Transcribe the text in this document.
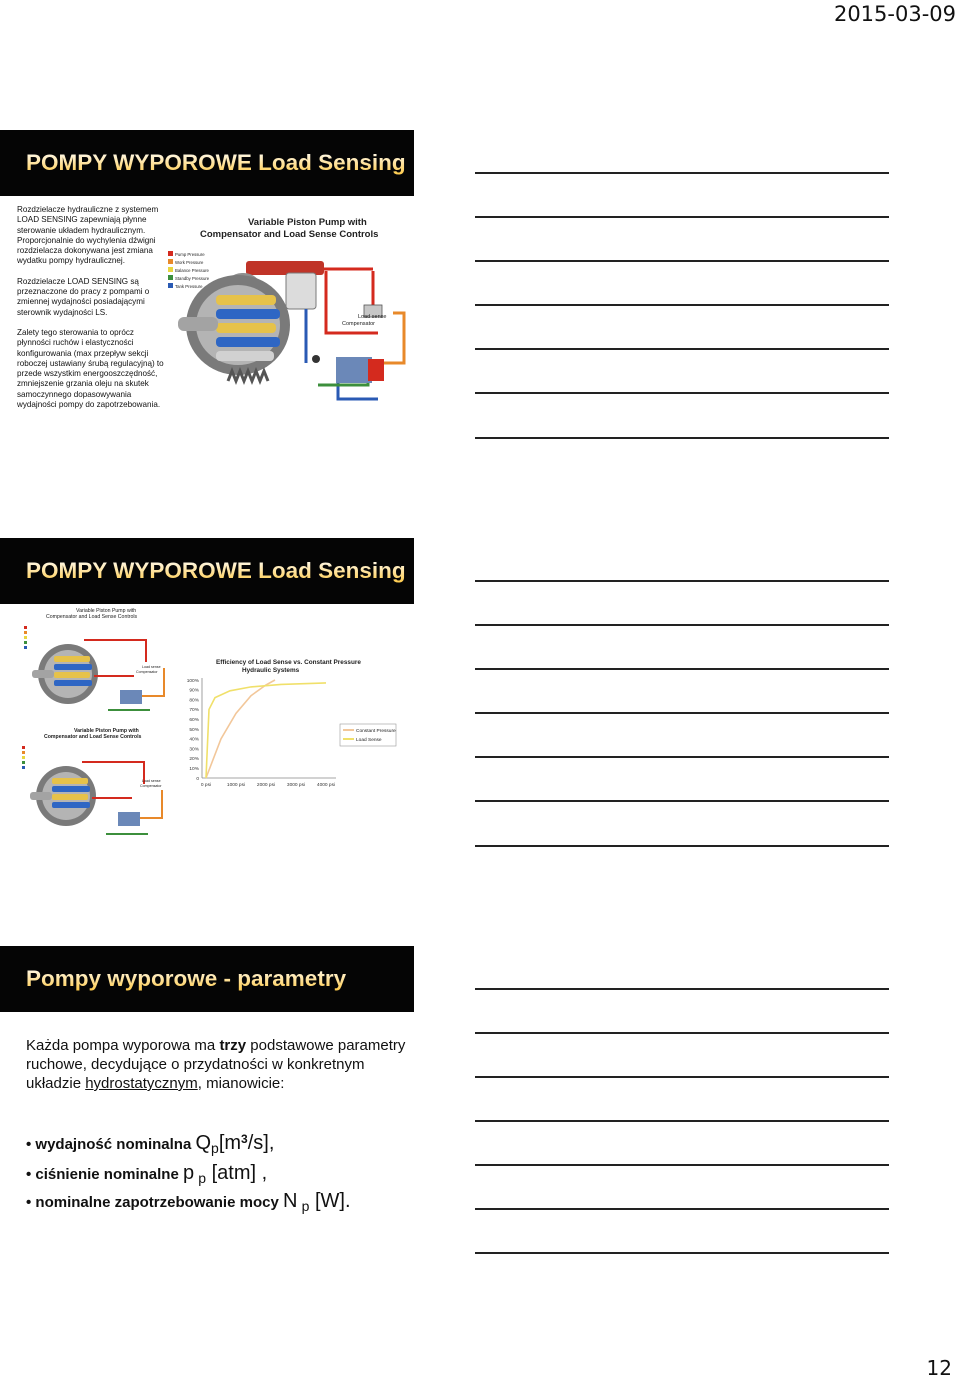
2015-03-09
POMPY WYPOROWE Load Sensing

Rozdzielacze hydrauliczne z systemem LOAD SENSING zapewniają płynne sterowanie układem hydraulicznym. Proporcjonalnie do wychylenia dźwigni rozdzielacza dokonywana jest zmiana wydatku pompy hydraulicznej.

Rozdzielacze LOAD SENSING są przeznaczone do pracy z pompami o zmiennej wydajności posiadającymi sterownik wydajności LS.

Zalety tego sterowania to oprócz płynności ruchów i elastyczności konfigurowania (max przepływ sekcji roboczej ustawiany śrubą regulacyjną) to przede wszystkim energooszczędność, zmniejszenie grzania oleju na skutek samoczynnego dopasowywania wydajności pompy do zapotrzebowania.

Variable Piston Pump with
Compensator and Load Sense Controls
Pump Pressure
Work Pressure
Balance Pressure
Standby Pressure
Tank Pressure
Load sense
Compensator
POMPY WYPOROWE Load Sensing
Variable Piston Pump with
Compensator and Load Sense Controls
Load sense
Compensator
Variable Piston Pump with
Compensator and Load Sense Controls
Load sense
Compensator
Efficiency of Load Sense vs. Constant Pressure
Hydraulic Systems
0
10%
20%
30%
40%
50%
60%
70%
80%
90%
100%
0 psi	1000 psi 2000 psi 3000 psi 4000 psi
Constant Pressure
Load Sense
Pompy wyporowe - parametry
Każda pompa wyporowa ma trzy podstawowe parametry ruchowe, decydujące o przydatności w konkretnym układzie hydrostatycznym, mianowicie:
• wydajność nominalna $Q_p[m^3/s]$,
• ciśnienie nominalne p $_p$ [atm] ,
• nominalne zapotrzebowanie mocy N $_p$ [W].
12
